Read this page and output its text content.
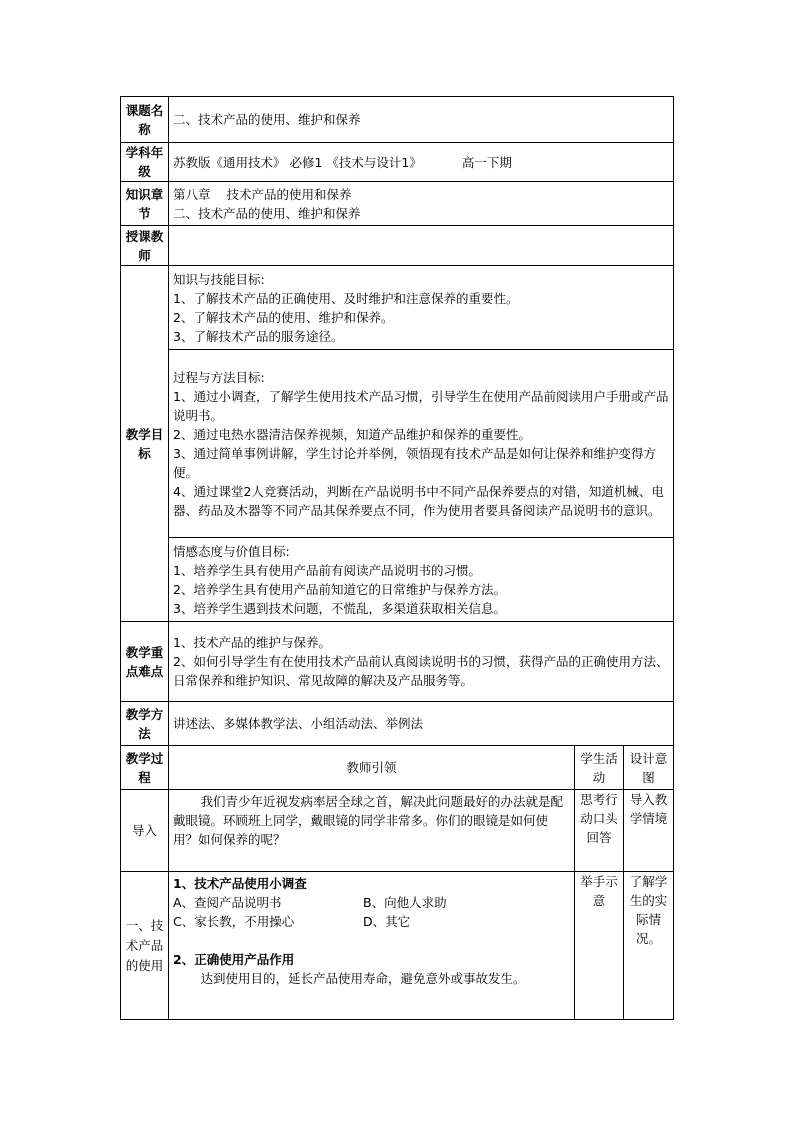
课题名称	二、技术产品的使用、维护和保养		
学科年级	苏教版《通用技术》 必修1 《技术与设计1》 高一下期		
知识章节	第八章 技术产品的使用和保养
二、技术产品的使用、维护和保养		

授课教师			
教学目标	知识与技能目标:
1、了解技术产品的正确使用、及时维护和注意保养的重要性。
2、了解技术产品的使用、维护和保养。
3、了解技术产品的服务途径。		

	过程与方法目标:
1、通过小调查，了解学生使用技术产品习惯，引导学生在使用产品前阅读用户手册或产品说明书。
2、通过电热水器清洁保养视频，知道产品维护和保养的重要性。
3、通过简单事例讲解，学生讨论并举例，领悟现有技术产品是如何让保养和维护变得方便。
4、通过课堂2人竞赛活动，判断在产品说明书中不同产品保养要点的对错，知道机械、电器、药品及木器等不同产品其保养要点不同，作为使用者要具备阅读产品说明书的意识。		

	情感态度与价值目标:
1、培养学生具有使用产品前有阅读产品说明书的习惯。
2、培养学生具有使用产品前知道它的日常维护与保养方法。
3、培养学生遇到技术问题，不慌乱，多渠道获取相关信息。		

教学重点难点	1、技术产品的维护与保养。
2、如何引导学生有在使用技术产品前认真阅读说明书的习惯，获得产品的正确使用方法、日常保养和维护知识、常见故障的解决及产品服务等。		

教学方法	讲述法、多媒体教学法、小组活动法、举例法		
教学过程	教师引领	学生活动	设计意图
导入	我们青少年近视发病率居全球之首，解决此问题最好的办法就是配戴眼镜。环顾班上同学，戴眼镜的同学非常多。你们的眼镜是如何使用？如何保养的呢？	思考行动口头回答	导入教学情境
一、技术产品的使用	1、技术产品使用小调查
A、查阅产品说明书 B、向他人求助
C、家长教，不用操心 D、其它
2、正确使用产品作用
达到使用目的，延长产品使用寿命，避免意外或事故发生。	举手示意	了解学生的实际情况。
